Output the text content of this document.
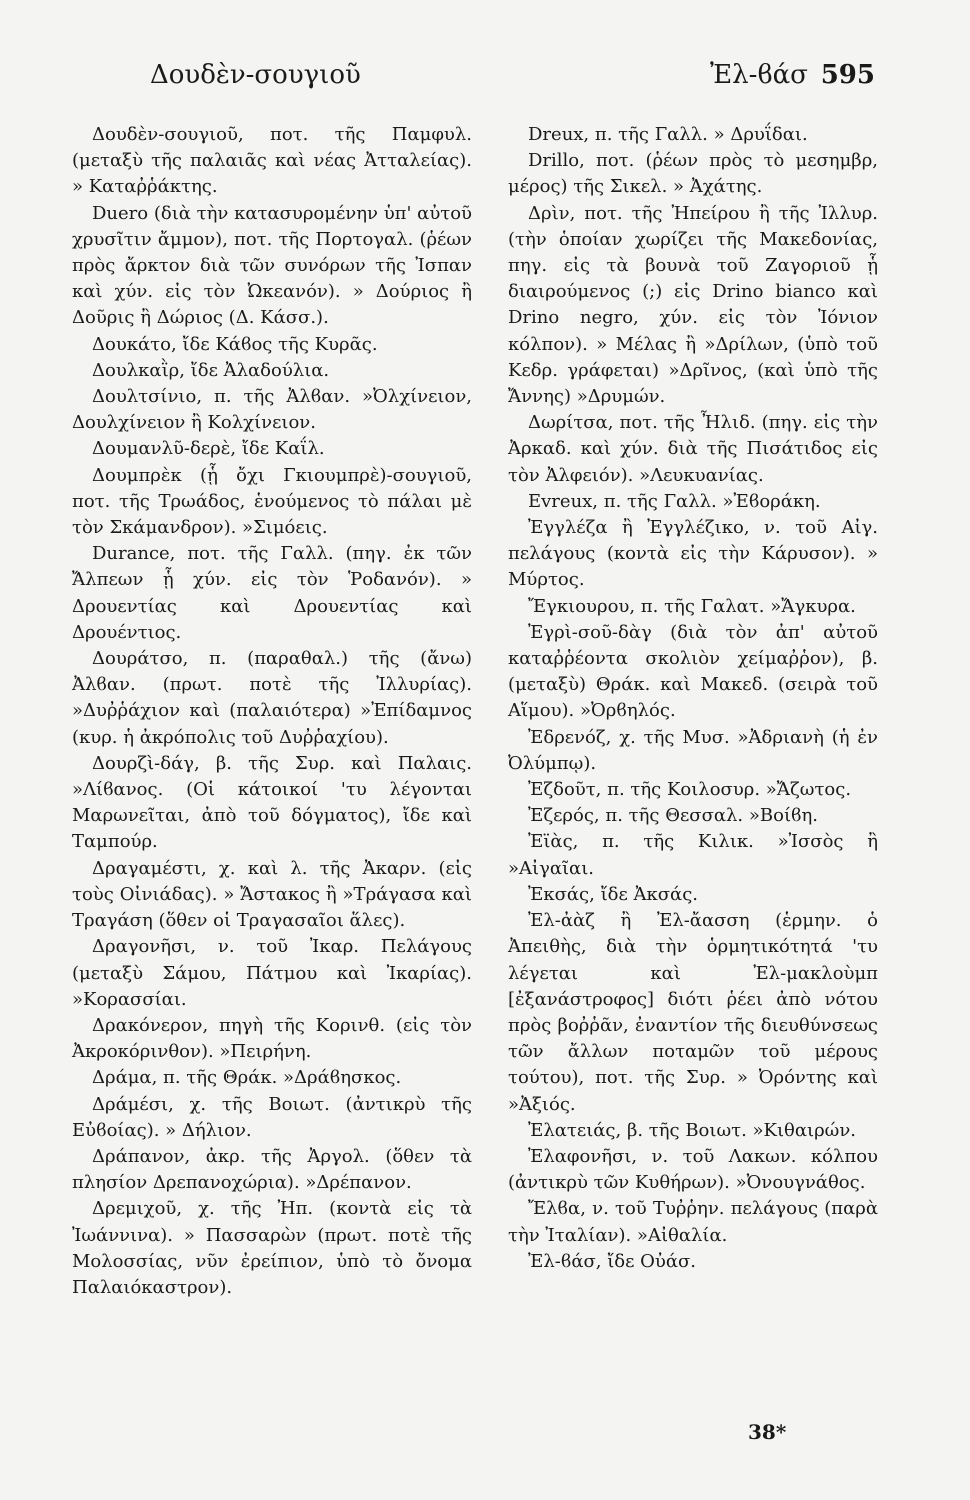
Δουδὲν-σουγιοῦ	Ἐλ-ϐάσ 595

Δουδὲν-σουγιοῦ, ποτ. τῆς Παμφυλ. (μεταξὺ τῆς παλαιᾶς καὶ νέας Ἀτταλείας). » Καταῤῥάκτης.

Duero (διὰ τὴν κατασυρομένην ὑπ' αὐτοῦ χρυσῖτιν ἄμμον), ποτ. τῆς Πορτογαλ. (ῥέων πρὸς ἄρκτον διὰ τῶν συνόρων τῆς Ἰσπαν καὶ χύν. εἰς τὸν Ὠκεανόν). » Δούριος ἢ Δοῦρις ἢ Δώριος (Δ. Κάσσ.).

Δουκάτο, ἴδε Κάϐος τῆς Κυρᾶς.

Δουλκαῒρ, ἴδε Ἀλαδούλια.

Δουλτσίνιο, π. τῆς Ἀλϐαν. »Ὀλχίνειον, Δουλχίνειον ἢ Κολχίνειον.

Δουμανλῦ-δερὲ, ἴδε Καΐλ.

Δουμπρὲκ (ᾗ ὄχι Γκιουμπρὲ)-σουγιοῦ, ποτ. τῆς Τρωάδος, ἑνούμενος τὸ πάλαι μὲ τὸν Σκάμανδρον). »Σιμόεις.

Durance, ποτ. τῆς Γαλλ. (πηγ. ἐκ τῶν Ἄλπεων ᾗ χύν. εἰς τὸν Ῥοδανόν). » Δρουεντίας καὶ Δρουεντίας καὶ Δρουέντιος.

Δουράτσο, π. (παραθαλ.) τῆς (ἄνω) Ἀλϐαν. (πρωτ. ποτὲ τῆς Ἰλλυρίας). »Δυῤῥάχιον καὶ (παλαιότερα) »Ἐπίδαμνος (κυρ. ἡ ἀκρόπολις τοῦ Δυῤῥαχίου).

Δουρζὶ-δάγ, β. τῆς Συρ. καὶ Παλαις. »Λίϐανος. (Οἱ κάτοικοί 'τυ λέγονται Μαρωνεῖται, ἀπὸ τοῦ δόγματος), ἴδε καὶ Ταμπούρ.

Δραγαμέστι, χ. καὶ λ. τῆς Ἀκαρν. (εἰς τοὺς Οἰνιάδας). » Ἄστακος ἢ »Τράγασα καὶ Τραγάση (ὅθεν οἱ Τραγασαῖοι ἅλες).

Δραγονῆσι, ν. τοῦ Ἰκαρ. Πελάγους (μεταξὺ Σάμου, Πάτμου καὶ Ἰκαρίας). »Κορασσίαι.

Δρακόνερον, πηγὴ τῆς Κορινθ. (εἰς τὸν Ἀκροκόρινθον). »Πειρήνη.

Δράμα, π. τῆς Θράκ. »Δράϐησκος.

Δράμέσι, χ. τῆς Βοιωτ. (ἀντικρὺ τῆς Εὐϐοίας). » Δήλιον.

Δράπανον, ἀκρ. τῆς Ἀργολ. (ὅθεν τὰ πλησίον Δρεπανοχώρια). »Δρέπανον.

Δρεμιχοῦ, χ. τῆς Ἠπ. (κοντὰ εἰς τὰ Ἰωάννινα). » Πασσαρὼν (πρωτ. ποτὲ τῆς Μολοσσίας, νῦν ἐρείπιον, ὑπὸ τὸ ὄνομα Παλαιόκαστρον).

Dreux, π. τῆς Γαλλ. » Δρυΐδαι.

Drillo, ποτ. (ῥέων πρὸς τὸ μεσημβρ, μέρος) τῆς Σικελ. » Ἀχάτης.

Δρὶν, ποτ. τῆς Ἠπείρου ἢ τῆς Ἰλλυρ. (τὴν ὁποίαν χωρίζει τῆς Μακεδονίας, πηγ. εἰς τὰ βουνὰ τοῦ Ζαγοριοῦ ᾗ διαιρούμενος (;) εἰς Drino bianco καὶ Drino negro, χύν. εἰς τὸν Ἰόνιον κόλπον). » Μέλας ἢ »Δρίλων, (ὑπὸ τοῦ Κεδρ. γράφεται) »Δρῖνος, (καὶ ὑπὸ τῆς Ἄννης) »Δρυμών.

Δωρίτσα, ποτ. τῆς Ἦλιδ. (πηγ. εἰς τὴν Ἀρκαδ. καὶ χύν. διὰ τῆς Πισάτιδος εἰς τὸν Ἀλφειόν). »Λευκυανίας.

Evreux, π. τῆς Γαλλ. »Ἐϐοράκη.

Ἐγγλέζα ἢ Ἐγγλέζικο, ν. τοῦ Αἰγ. πελάγους (κοντὰ εἰς τὴν Κάρυσον). » Μύρτος.

Ἔγκιουρου, π. τῆς Γαλατ. »Ἄγκυρα.

Ἐγρὶ-σοῦ-δὰγ (διὰ τὸν ἀπ' αὐτοῦ καταῤῥέοντα σκολιὸν χείμαῤῥον), β. (μεταξὺ) Θράκ. καὶ Μακεδ. (σειρὰ τοῦ Αἵμου). »Ὀρϐηλός.

Ἐδρενόζ, χ. τῆς Μυσ. »Ἀδριανὴ (ἡ ἐν Ὀλύμπῳ).

Ἐζδοῦτ, π. τῆς Κοιλοσυρ. »Ἄζωτος.

Ἐζερός, π. τῆς Θεσσαλ. »Βοίϐη.

Ἐϊὰς, π. τῆς Κιλικ. »Ἰσσὸς ἢ »Αἰγαῖαι.

Ἐκσάς, ἴδε Ἀκσάς.

Ἐλ-ἀὰζ ἢ Ἐλ-ἄασση (ἑρμην. ὁ Ἀπειθὴς, διὰ τὴν ὁρμητικότητά 'τυ λέγεται καὶ Ἐλ-μακλοὺμπ [ἐξανάστροφος] διότι ῥέει ἀπὸ νότου πρὸς βοῤῥᾶν, ἐναντίον τῆς διευθύνσεως τῶν ἄλλων ποταμῶν τοῦ μέρους τούτου), ποτ. τῆς Συρ. » Ὀρόντης καὶ »Ἀξιός.

Ἐλατειάς, β. τῆς Βοιωτ. »Κιθαιρών.

Ἐλαφονῆσι, ν. τοῦ Λακων. κόλπου (ἀντικρὺ τῶν Κυθήρων). »Ὀνουγνάθος.

Ἔλϐα, ν. τοῦ Τυῤῥην. πελάγους (παρὰ τὴν Ἰταλίαν). »Αἰθαλία.

Ἐλ-ϐάσ, ἴδε Οὐάσ.

38*
